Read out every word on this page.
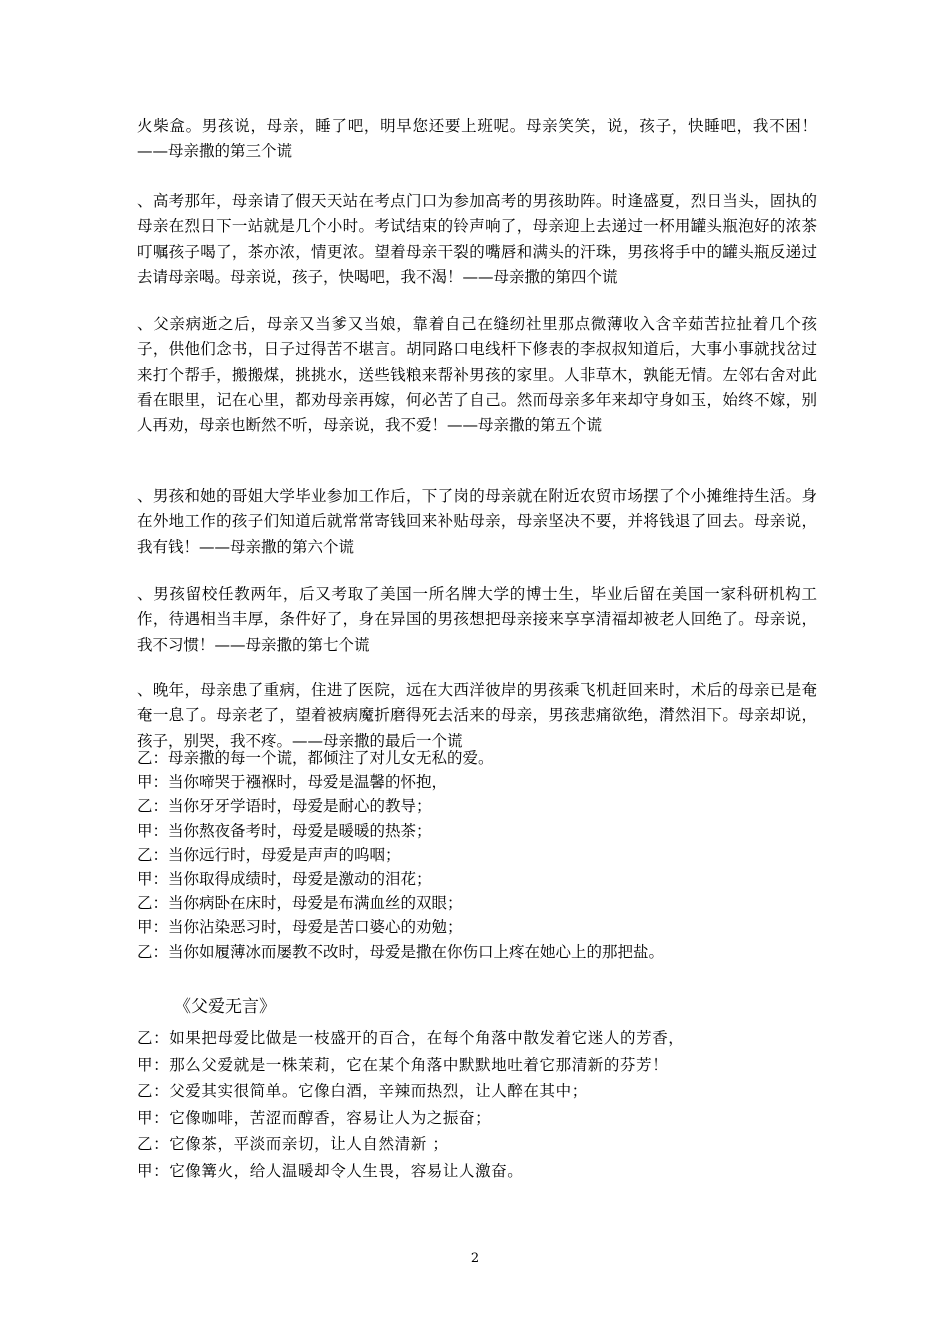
火柴盒。男孩说，母亲，睡了吧，明早您还要上班呢。母亲笑笑，说，孩子，快睡吧，我不困！——母亲撒的第三个谎

、高考那年，母亲请了假天天站在考点门口为参加高考的男孩助阵。时逢盛夏，烈日当头，固执的母亲在烈日下一站就是几个小时。考试结束的铃声响了，母亲迎上去递过一杯用罐头瓶泡好的浓茶叮嘱孩子喝了，茶亦浓，情更浓。望着母亲干裂的嘴唇和满头的汗珠，男孩将手中的罐头瓶反递过去请母亲喝。母亲说，孩子，快喝吧，我不渴！——母亲撒的第四个谎

、父亲病逝之后，母亲又当爹又当娘，靠着自己在缝纫社里那点微薄收入含辛茹苦拉扯着几个孩子，供他们念书，日子过得苦不堪言。胡同路口电线杆下修表的李叔叔知道后，大事小事就找岔过来打个帮手，搬搬煤，挑挑水，送些钱粮来帮补男孩的家里。人非草木，孰能无情。左邻右舍对此看在眼里，记在心里，都劝母亲再嫁，何必苦了自己。然而母亲多年来却守身如玉，始终不嫁，别人再劝，母亲也断然不听，母亲说，我不爱！——母亲撒的第五个谎

、男孩和她的哥姐大学毕业参加工作后，下了岗的母亲就在附近农贸市场摆了个小摊维持生活。身在外地工作的孩子们知道后就常常寄钱回来补贴母亲，母亲坚决不要，并将钱退了回去。母亲说，我有钱！——母亲撒的第六个谎

、男孩留校任教两年，后又考取了美国一所名牌大学的博士生，毕业后留在美国一家科研机构工作，待遇相当丰厚，条件好了，身在异国的男孩想把母亲接来享享清福却被老人回绝了。母亲说，我不习惯！——母亲撒的第七个谎

、晚年，母亲患了重病，住进了医院，远在大西洋彼岸的男孩乘飞机赶回来时，术后的母亲已是奄奄一息了。母亲老了，望着被病魔折磨得死去活来的母亲，男孩悲痛欲绝，潸然泪下。母亲却说，孩子，别哭，我不疼。——母亲撒的最后一个谎

乙：母亲撒的每一个谎，都倾注了对儿女无私的爱。
甲：当你啼哭于襁褓时，母爱是温馨的怀抱，
乙：当你牙牙学语时，母爱是耐心的教导；
甲：当你熬夜备考时，母爱是暖暖的热茶；
乙：当你远行时，母爱是声声的呜咽；
甲：当你取得成绩时，母爱是激动的泪花；
乙：当你病卧在床时，母爱是布满血丝的双眼；
甲：当你沾染恶习时，母爱是苦口婆心的劝勉；
乙：当你如履薄冰而屡教不改时，母爱是撒在你伤口上疼在她心上的那把盐。
《父爱无言》
乙：如果把母爱比做是一枝盛开的百合，在每个角落中散发着它迷人的芳香，
甲：那么父爱就是一株茉莉，它在某个角落中默默地吐着它那清新的芬芳！
乙：父爱其实很简单。它像白酒，辛辣而热烈，让人醉在其中；
甲：它像咖啡，苦涩而醇香，容易让人为之振奋；
乙：它像茶，平淡而亲切，让人自然清新 ；
甲：它像篝火，给人温暖却令人生畏，容易让人激奋。
2
